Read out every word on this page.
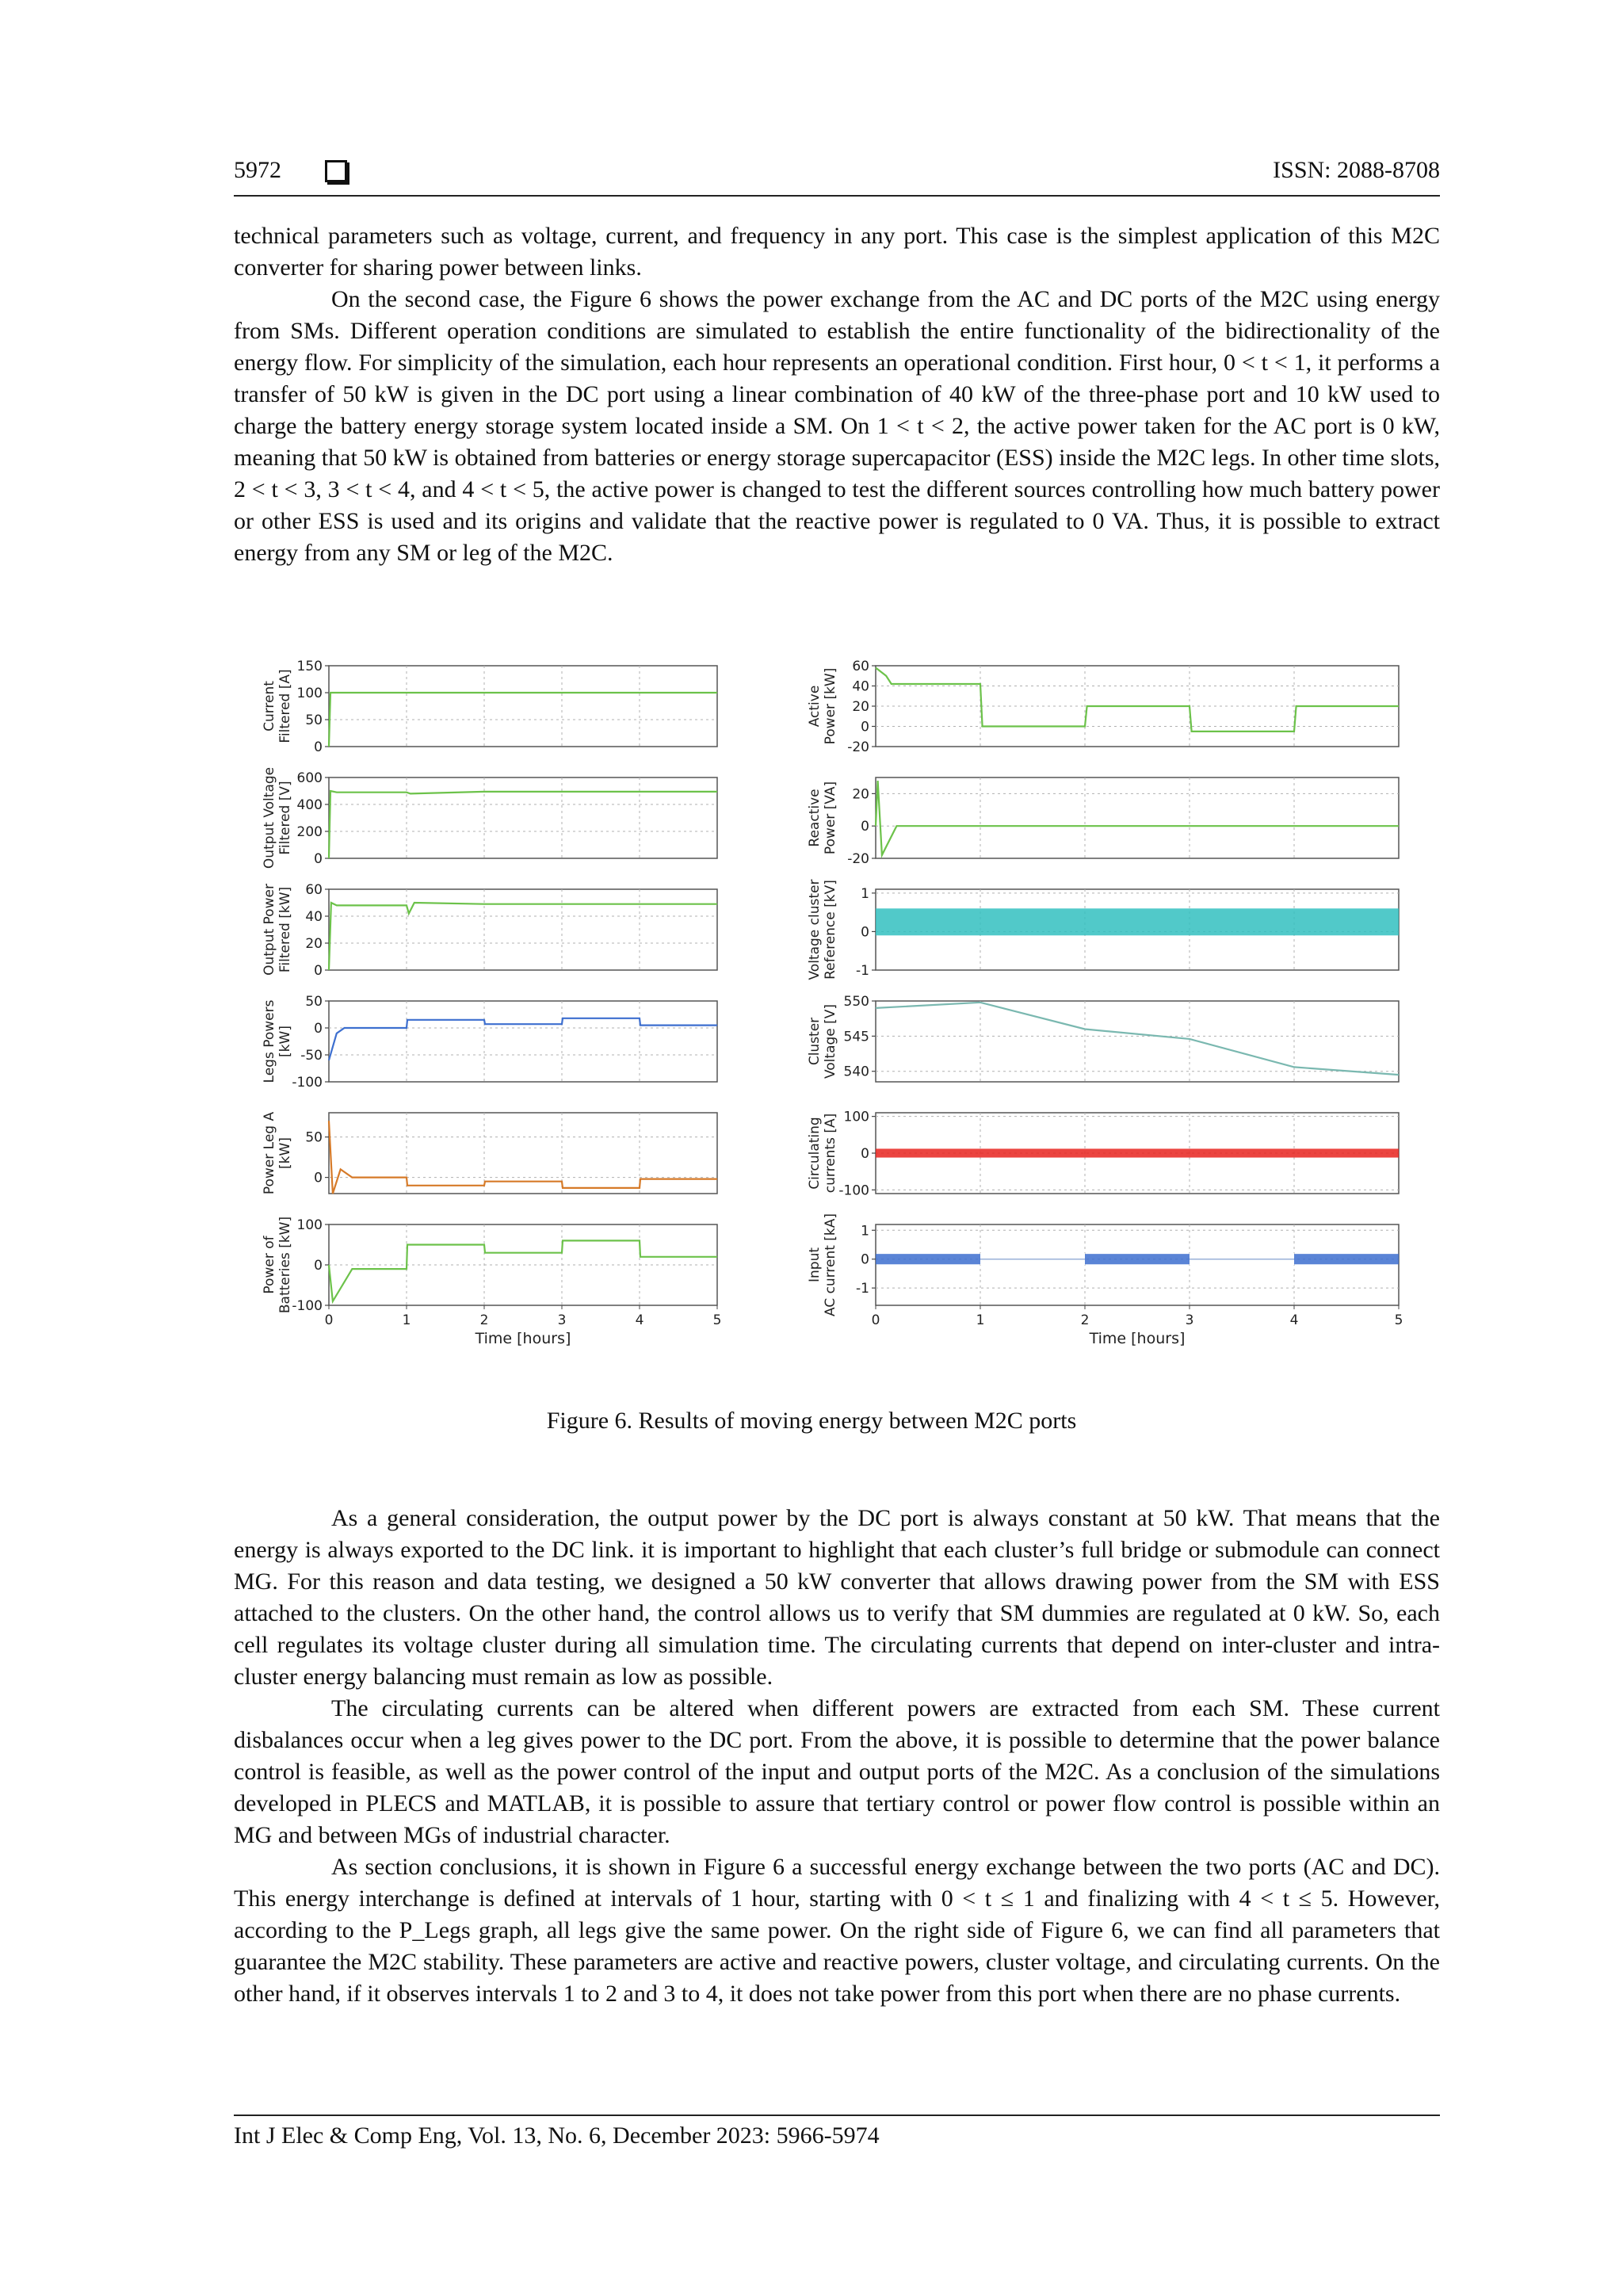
5972	ISSN: 2088-8708

technical parameters such as voltage, current, and frequency in any port. This case is the simplest application of this M2C converter for sharing power between links.

On the second case, the Figure 6 shows the power exchange from the AC and DC ports of the M2C using energy from SMs. Different operation conditions are simulated to establish the entire functionality of the bidirectionality of the energy flow. For simplicity of the simulation, each hour represents an operational condition. First hour, 0 < t < 1, it performs a transfer of 50 kW is given in the DC port using a linear combination of 40 kW of the three-phase port and 10 kW used to charge the battery energy storage system located inside a SM. On 1 < t < 2, the active power taken for the AC port is 0 kW, meaning that 50 kW is obtained from batteries or energy storage supercapacitor (ESS) inside the M2C legs. In other time slots, 2 < t < 3, 3 < t < 4, and 4 < t < 5, the active power is changed to test the different sources controlling how much battery power or other ESS is used and its origins and validate that the reactive power is regulated to 0 VA. Thus, it is possible to extract energy from any SM or leg of the M2C.

0
50
100
150
Current Filtered [A]
0
200
400
600
Output Voltage Filtered [V]
0
20
40
60
Output Power Filtered [kW]
-100
-50
0
50
Legs Powers [kW]
0
50
Power Leg A [kW]
-100
0
100
Power of Batteries [kW]
0	1	2	3	4	5
Time [hours]
-20
0
20
40
60
Active Power [kW]
-20
0
20
Reactive Power [VA]
-1
0
1
Voltage cluster Reference [kV]
540
545
550
Cluster Voltage [V]
-100
0
100
Circulating currents [A]
-1
0
1
Input AC current [kA]
0	1	2	3	4	5
Time [hours]
Figure 6. Results of moving energy between M2C ports

As a general consideration, the output power by the DC port is always constant at 50 kW. That means that the energy is always exported to the DC link. it is important to highlight that each cluster’s full bridge or submodule can connect MG. For this reason and data testing, we designed a 50 kW converter that allows drawing power from the SM with ESS attached to the clusters. On the other hand, the control allows us to verify that SM dummies are regulated at 0 kW. So, each cell regulates its voltage cluster during all simulation time. The circulating currents that depend on inter-cluster and intra-cluster energy balancing must remain as low as possible.

The circulating currents can be altered when different powers are extracted from each SM. These current disbalances occur when a leg gives power to the DC port. From the above, it is possible to determine that the power balance control is feasible, as well as the power control of the input and output ports of the M2C. As a conclusion of the simulations developed in PLECS and MATLAB, it is possible to assure that tertiary control or power flow control is possible within an MG and between MGs of industrial character.

As section conclusions, it is shown in Figure 6 a successful energy exchange between the two ports (AC and DC). This energy interchange is defined at intervals of 1 hour, starting with 0 < t ≤ 1 and finalizing with 4 < t ≤ 5. However, according to the P_Legs graph, all legs give the same power. On the right side of Figure 6, we can find all parameters that guarantee the M2C stability. These parameters are active and reactive powers, cluster voltage, and circulating currents. On the other hand, if it observes intervals 1 to 2 and 3 to 4, it does not take power from this port when there are no phase currents.

Int J Elec & Comp Eng, Vol. 13, No. 6, December 2023: 5966-5974
